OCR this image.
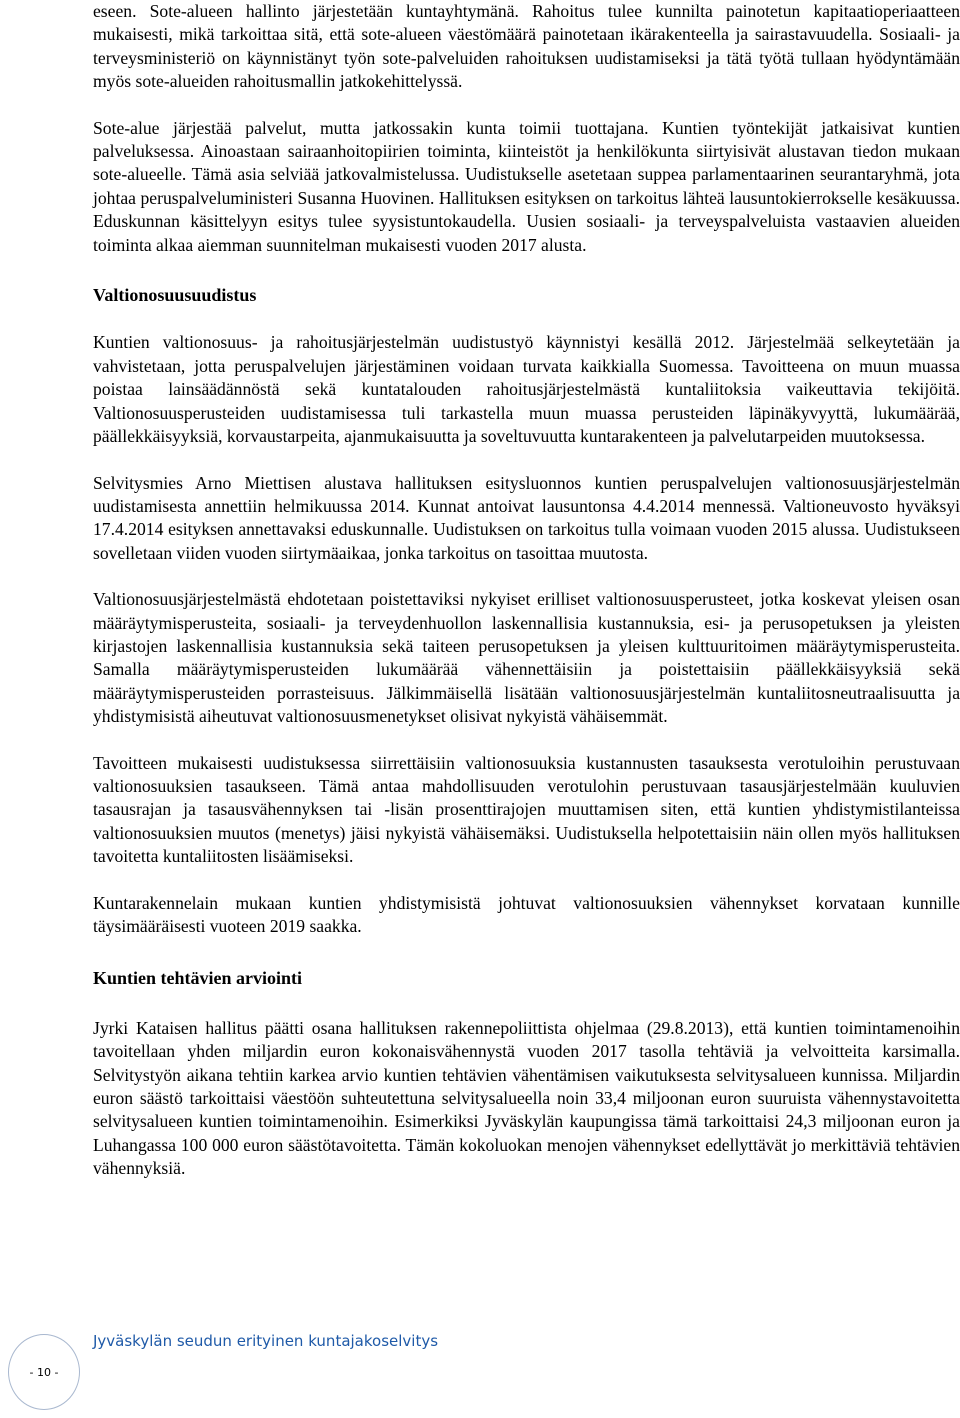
eseen. Sote-alueen hallinto järjestetään kuntayhtymänä. Rahoitus tulee kunnilta painotetun kapitaatioperiaatteen mukaisesti, mikä tarkoittaa sitä, että sote-alueen väestömäärä painotetaan ikärakenteella ja sairastavuudella. Sosiaali- ja terveysministeriö on käynnistänyt työn sote-palveluiden rahoituksen uudistamiseksi ja tätä työtä tullaan hyödyntämään myös sote-alueiden rahoitusmallin jatkokehittelyssä.

Sote-alue järjestää palvelut, mutta jatkossakin kunta toimii tuottajana. Kuntien työntekijät jatkaisivat kuntien palveluksessa. Ainoastaan sairaanhoitopiirien toiminta, kiinteistöt ja henkilökunta siirtyisivät alustavan tiedon mukaan sote-alueelle. Tämä asia selviää jatkovalmistelussa. Uudistukselle asetetaan suppea parlamentaarinen seurantaryhmä, jota johtaa peruspalveluministeri Susanna Huovinen. Hallituksen esityksen on tarkoitus lähteä lausuntokierrokselle kesäkuussa. Eduskunnan käsittelyyn esitys tulee syysistuntokaudella. Uusien sosiaali- ja terveyspalveluista vastaavien alueiden toiminta alkaa aiemman suunnitelman mukaisesti vuoden 2017 alusta.

Valtionosuusuudistus

Kuntien valtionosuus- ja rahoitusjärjestelmän uudistustyö käynnistyi kesällä 2012. Järjestelmää selkeytetään ja vahvistetaan, jotta peruspalvelujen järjestäminen voidaan turvata kaikkialla Suomessa. Tavoitteena on muun muassa poistaa lainsäädännöstä sekä kuntatalouden rahoitusjärjestelmästä kuntaliitoksia vaikeuttavia tekijöitä. Valtionosuusperusteiden uudistamisessa tuli tarkastella muun muassa perusteiden läpinäkyvyyttä, lukumäärää, päällekkäisyyksiä, korvaustarpeita, ajanmukaisuutta ja soveltuvuutta kuntarakenteen ja palvelutarpeiden muutoksessa.

Selvitysmies Arno Miettisen alustava hallituksen esitysluonnos kuntien peruspalvelujen valtionosuusjärjestelmän uudistamisesta annettiin helmikuussa 2014. Kunnat antoivat lausuntonsa 4.4.2014 mennessä. Valtioneuvosto hyväksyi 17.4.2014 esityksen annettavaksi eduskunnalle. Uudistuksen on tarkoitus tulla voimaan vuoden 2015 alussa. Uudistukseen sovelletaan viiden vuoden siirtymäaikaa, jonka tarkoitus on tasoittaa muutosta.

Valtionosuusjärjestelmästä ehdotetaan poistettaviksi nykyiset erilliset valtionosuusperusteet, jotka koskevat yleisen osan määräytymisperusteita, sosiaali- ja terveydenhuollon laskennallisia kustannuksia, esi- ja perusopetuksen ja yleisten kirjastojen laskennallisia kustannuksia sekä taiteen perusopetuksen ja yleisen kulttuuritoimen määräytymisperusteita. Samalla määräytymisperusteiden lukumäärää vähennettäisiin ja poistettaisiin päällekkäisyyksiä sekä määräytymisperusteiden porrasteisuus. Jälkimmäisellä lisätään valtionosuusjärjestelmän kuntaliitosneutraalisuutta ja yhdistymisistä aiheutuvat valtionosuusmenetykset olisivat nykyistä vähäisemmät.

Tavoitteen mukaisesti uudistuksessa siirrettäisiin valtionosuuksia kustannusten tasauksesta verotuloihin perustuvaan valtionosuuksien tasaukseen. Tämä antaa mahdollisuuden verotulohin perustuvaan tasausjärjestelmään kuuluvien tasausrajan ja tasausvähennyksen tai -lisän prosenttirajojen muuttamisen siten, että kuntien yhdistymistilanteissa valtionosuuksien muutos (menetys) jäisi nykyistä vähäisemäksi. Uudistuksella helpotettaisiin näin ollen myös hallituksen tavoitetta kuntaliitosten lisäämiseksi.

Kuntarakennelain mukaan kuntien yhdistymisistä johtuvat valtionosuuksien vähennykset korvataan kunnille täysimääräisesti vuoteen 2019 saakka.

Kuntien tehtävien arviointi

Jyrki Kataisen hallitus päätti osana hallituksen rakennepoliittista ohjelmaa (29.8.2013), että kuntien toimintamenoihin tavoitellaan yhden miljardin euron kokonaisvähennystä vuoden 2017 tasolla tehtäviä ja velvoitteita karsimalla. Selvitystyön aikana tehtiin karkea arvio kuntien tehtävien vähentämisen vaikutuksesta selvitysalueen kunnissa. Miljardin euron säästö tarkoittaisi väestöön suhteutettuna selvitysalueella noin 33,4 miljoonan euron suuruista vähennystavoitetta selvitysalueen kuntien toimintamenoihin. Esimerkiksi Jyväskylän kaupungissa tämä tarkoittaisi 24,3 miljoonan euron ja Luhangassa 100 000 euron säästötavoitetta. Tämän kokoluokan menojen vähennykset edellyttävät jo merkittäviä tehtävien vähennyksiä.

Jyväskylän seudun erityinen kuntajakoselvitys
- 10 -
